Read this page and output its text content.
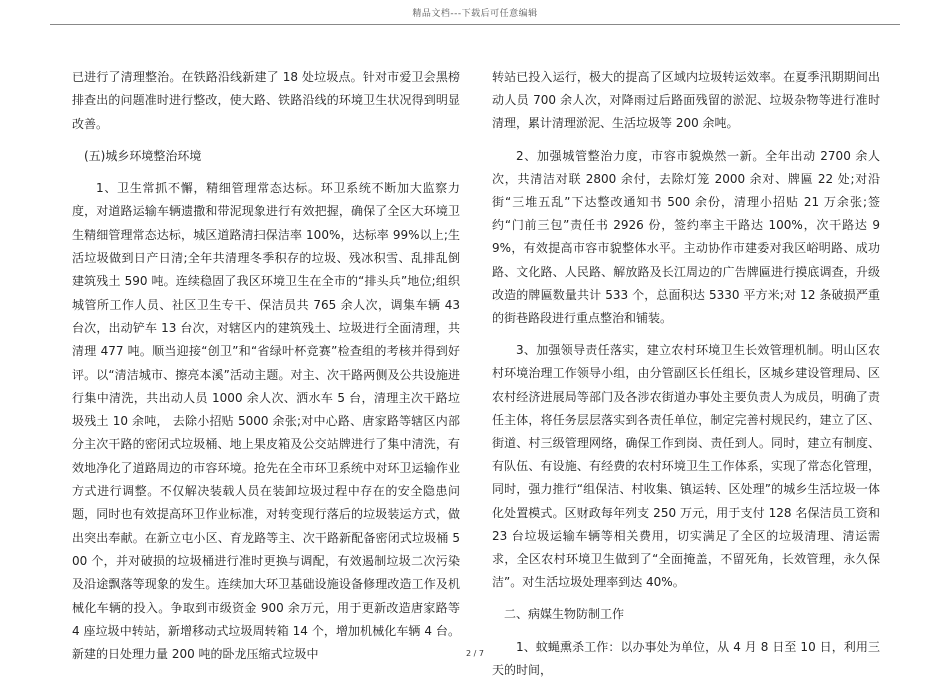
精品文档---下载后可任意编辑

已进行了清理整治。在铁路沿线新建了 18 处垃圾点。针对市爱卫会黑榜排查出的问题准时进行整改，使大路、铁路沿线的环境卫生状况得到明显改善。

(五)城乡环境整治环境

1、卫生常抓不懈，精细管理常态达标。环卫系统不断加大监察力度，对道路运输车辆遗撒和带泥现象进行有效把握，确保了全区大环境卫生精细管理常态达标，城区道路清扫保洁率 100%，达标率 99%以上;生活垃圾做到日产日清;全年共清理冬季积存的垃圾、残冰积雪、乱排乱倒建筑残土 590 吨。连续稳固了我区环境卫生在全市的“排头兵”地位;组织城管所工作人员、社区卫生专干、保洁员共 765 余人次，调集车辆 43 台次，出动铲车 13 台次，对辖区内的建筑残土、垃圾进行全面清理，共清理 477 吨。顺当迎接“创卫”和“省绿叶杯竞赛”检查组的考核并得到好评。以“清洁城市、擦亮本溪”活动主题。对主、次干路两侧及公共设施进行集中清洗，共出动人员 1000 余人次、洒水车 5 台，清理主次干路垃圾残土 10 余吨， 去除小招贴 5000 余张;对中心路、唐家路等辖区内部分主次干路的密闭式垃圾桶、地上果皮箱及公交站牌进行了集中清洗，有效地净化了道路周边的市容环境。抢先在全市环卫系统中对环卫运输作业方式进行调整。不仅解决装载人员在装卸垃圾过程中存在的安全隐患问题，同时也有效提高环卫作业标准，对转变现行落后的垃圾装运方式，做出突出奉献。在新立屯小区、育龙路等主、次干路新配备密闭式垃圾桶 500 个，并对破损的垃圾桶进行准时更换与调配，有效遏制垃圾二次污染及沿途飘落等现象的发生。连续加大环卫基础设施设备修理改造工作及机械化车辆的投入。争取到市级资金 900 余万元，用于更新改造唐家路等 4 座垃圾中转站，新增移动式垃圾周转箱 14 个，增加机械化车辆 4 台。新建的日处理力量 200 吨的卧龙压缩式垃圾中

转站已投入运行，极大的提高了区域内垃圾转运效率。在夏季汛期期间出动人员 700 余人次，对降雨过后路面残留的淤泥、垃圾杂物等进行准时清理，累计清理淤泥、生活垃圾等 200 余吨。

2、加强城管整治力度，市容市貌焕然一新。全年出动 2700 余人次，共清洁对联 2800 余付，去除灯笼 2000 余对、牌匾 22 处;对沿街“三堆五乱”下达整改通知书 500 余份，清理小招贴 21 万余张;签约“门前三包”责任书 2926 份，签约率主干路达 100%，次干路达 99%，有效提高市容市貌整体水平。主动协作市建委对我区峪明路、成功路、文化路、人民路、解放路及长江周边的广告牌匾进行摸底调查，升级改造的牌匾数量共计 533 个，总面积达 5330 平方米;对 12 条破损严重的街巷路段进行重点整治和铺装。

3、加强领导责任落实，建立农村环境卫生长效管理机制。明山区农村环境治理工作领导小组，由分管副区长任组长，区城乡建设管理局、区农村经济进展局等部门及各涉农街道办事处主要负责人为成员，明确了责任主体，将任务层层落实到各责任单位，制定完善村规民约，建立了区、街道、村三级管理网络，确保工作到岗、责任到人。同时，建立有制度、有队伍、有设施、有经费的农村环境卫生工作体系，实现了常态化管理，同时，强力推行“组保洁、村收集、镇运转、区处理”的城乡生活垃圾一体化处置模式。区财政每年列支 250 万元，用于支付 128 名保洁员工资和 23 台垃圾运输车辆等相关费用，切实满足了全区的垃圾清理、清运需求，全区农村环境卫生做到了“全面掩盖，不留死角，长效管理，永久保洁”。对生活垃圾处理率到达 40%。

二、病媒生物防制工作

1、蚊蝇熏杀工作：以办事处为单位，从 4 月 8 日至 10 日，利用三天的时间，

2 / 7
